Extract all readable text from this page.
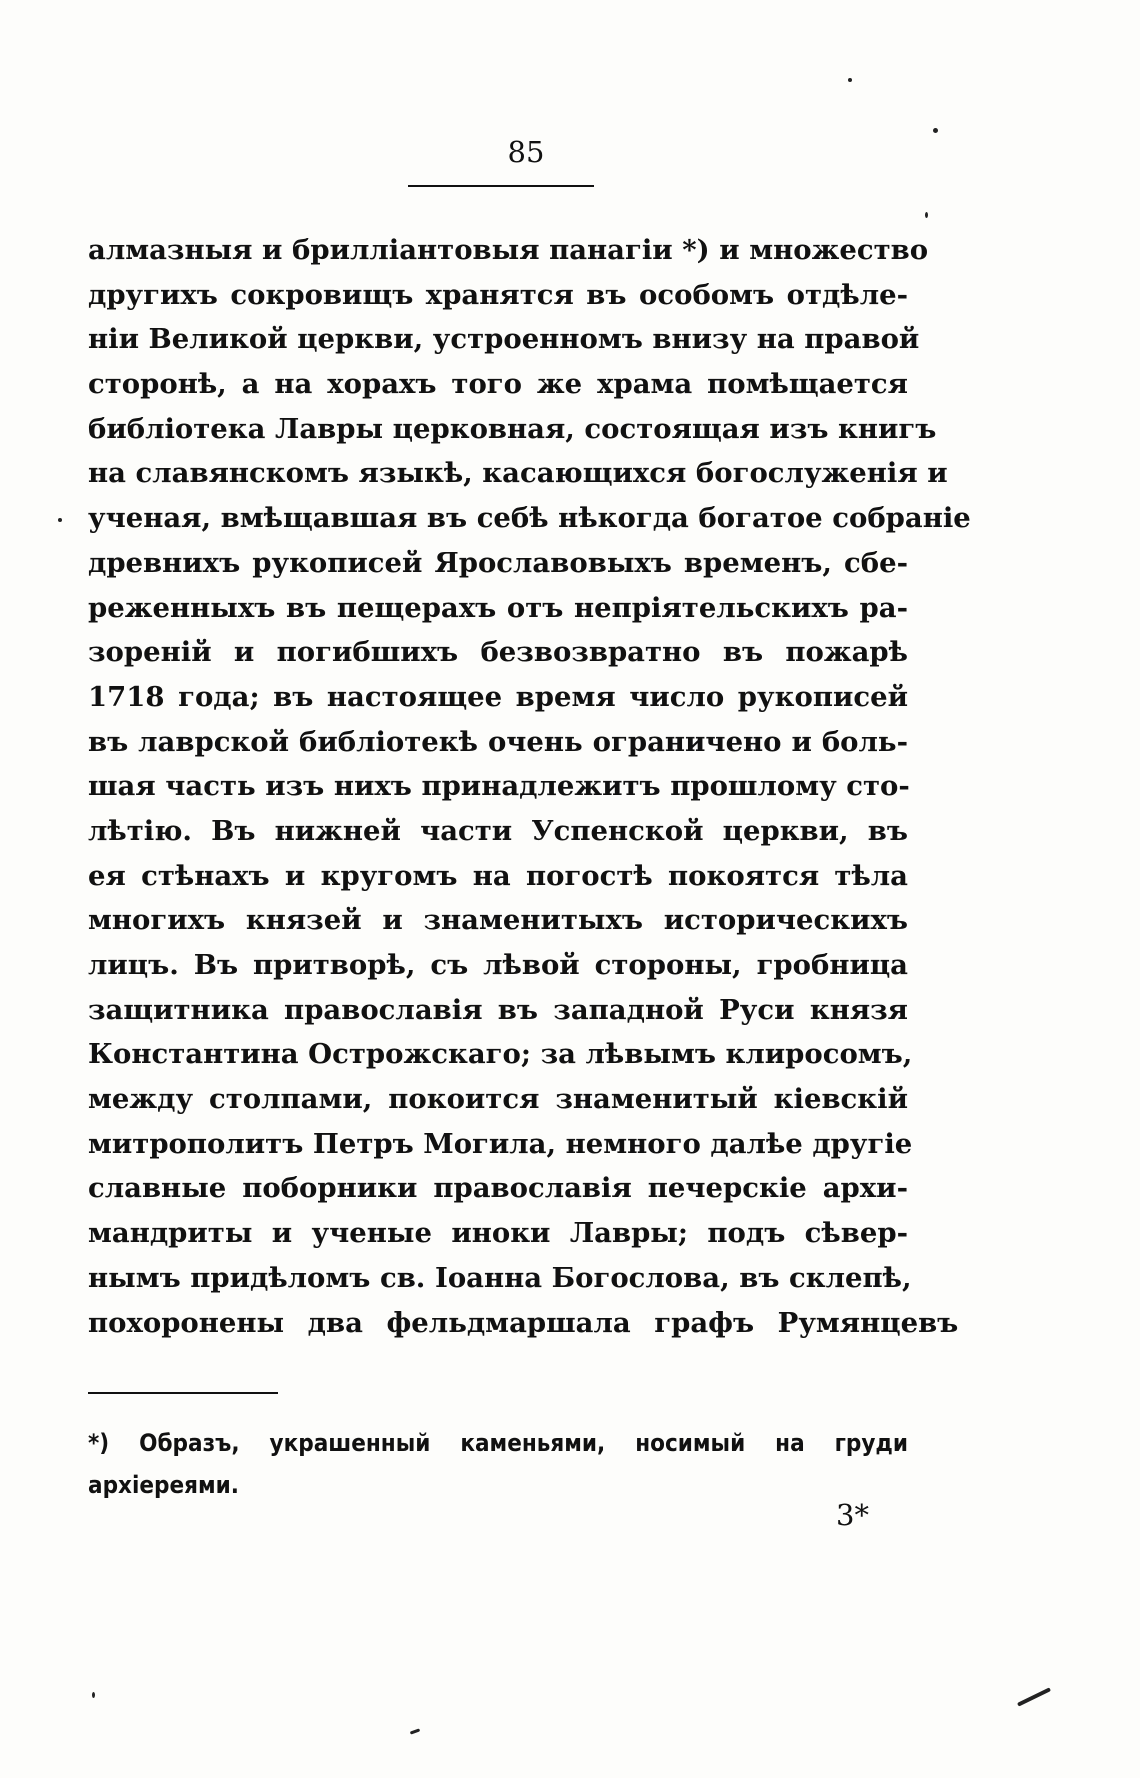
85
алмазныя и брилліантовыя панагіи *) и множество
другихъ сокровищъ хранятся въ особомъ отдѣле-
ніи Великой церкви, устроенномъ внизу на правой
сторонѣ, а на хорахъ того же храма помѣщается
библіотека Лавры церковная, состоящая изъ книгъ
на славянскомъ языкѣ, касающихся богослуженія и
ученая, вмѣщавшая въ себѣ нѣкогда богатое собраніе
древнихъ рукописей Ярославовыхъ временъ, сбе-
реженныхъ въ пещерахъ отъ непріятельскихъ ра-
зореній и погибшихъ безвозвратно въ пожарѣ
1718 года; въ настоящее время число рукописей
въ лаврской библіотекѣ очень ограничено и боль-
шая часть изъ нихъ принадлежитъ прошлому сто-
лѣтію. Въ нижней части Успенской церкви, въ
ея стѣнахъ и кругомъ на погостѣ покоятся тѣла
многихъ князей и знаменитыхъ историческихъ
лицъ. Въ притворѣ, съ лѣвой стороны, гробница
защитника православія въ западной Руси князя
Константина Острожскаго; за лѣвымъ клиросомъ,
между столпами, покоится знаменитый кіевскій
митрополитъ Петръ Могила, немного далѣе другіе
славные поборники православія печерскіе архи-
мандриты и ученые иноки Лавры; подъ сѣвер-
нымъ придѣломъ св. Іоанна Богослова, въ склепѣ,
похоронены два фельдмаршала графъ Румянцевъ
*) Образъ, украшенный каменьями, носимый на груди
архіереями.
3*
